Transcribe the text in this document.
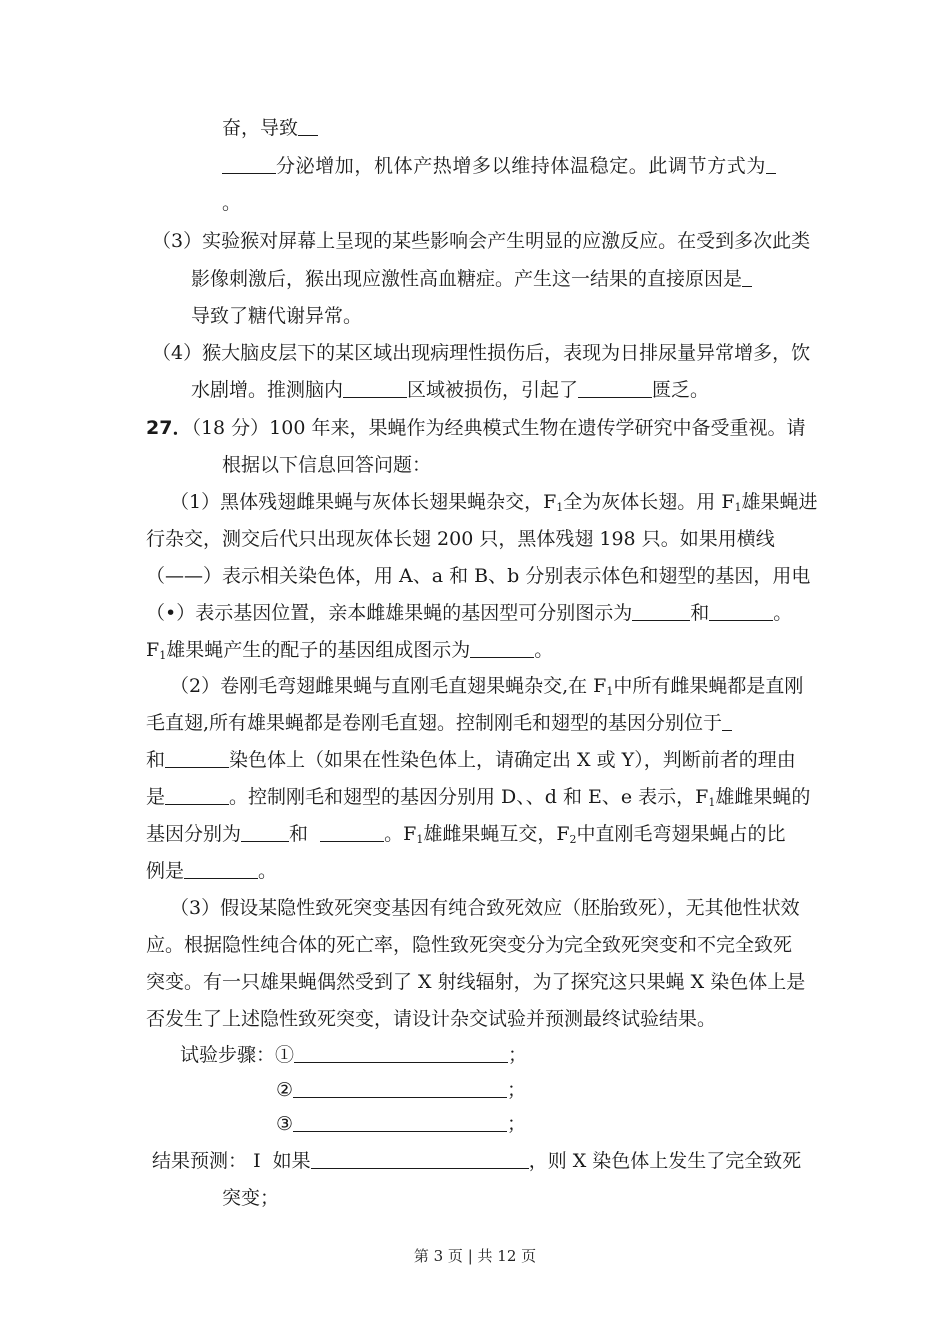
奋，导致
分泌增加，机体产热增多以维持体温稳定。此调节方式为
。
（3）实验猴对屏幕上呈现的某些影响会产生明显的应激反应。在受到多次此类
影像刺激后，猴出现应激性高血糖症。产生这一结果的直接原因是
导致了糖代谢异常。
（4）猴大脑皮层下的某区域出现病理性损伤后，表现为日排尿量异常增多，饮
水剧增。推测脑内	区域被损伤，引起了	匮乏。
27．（18 分）100 年来，果蝇作为经典模式生物在遗传学研究中备受重视。请
根据以下信息回答问题：
（1）黑体残翅雌果蝇与灰体长翅果蝇杂交，$F_1$全为灰体长翅。用 $F_1$雄果蝇进
行杂交，测交后代只出现灰体长翅 200 只，黑体残翅 198 只。如果用横线
（——）表示相关染色体，用 A、a 和 B、b 分别表示体色和翅型的基因，用电
（•）表示基因位置，亲本雌雄果蝇的基因型可分别图示为	和	。
$F_1$雄果蝇产生的配子的基因组成图示为	。
（2）卷刚毛弯翅雌果蝇与直刚毛直翅果蝇杂交,在 $F_1$中所有雌果蝇都是直刚
毛直翅,所有雄果蝇都是卷刚毛直翅。控制刚毛和翅型的基因分别位于
和	染色体上（如果在性染色体上，请确定出 X 或 Y），判断前者的理由
是	。控制刚毛和翅型的基因分别用 D、、d 和 E、e 表示，$F_1$雄雌果蝇的
基因分别为	和	。$F_1$雄雌果蝇互交，$F_2$中直刚毛弯翅果蝇占的比
例是	。
（3）假设某隐性致死突变基因有纯合致死效应（胚胎致死），无其他性状效
应。根据隐性纯合体的死亡率，隐性致死突变分为完全致死突变和不完全致死
突变。有一只雄果蝇偶然受到了 X 射线辐射，为了探究这只果蝇 X 染色体上是
否发生了上述隐性致死突变，请设计杂交试验并预测最终试验结果。
试验步骤：①	；
②	；
③	；
结果预测： Ⅰ 如果	，则 X 染色体上发生了完全致死
突变；
第 3 页 | 共 12 页
